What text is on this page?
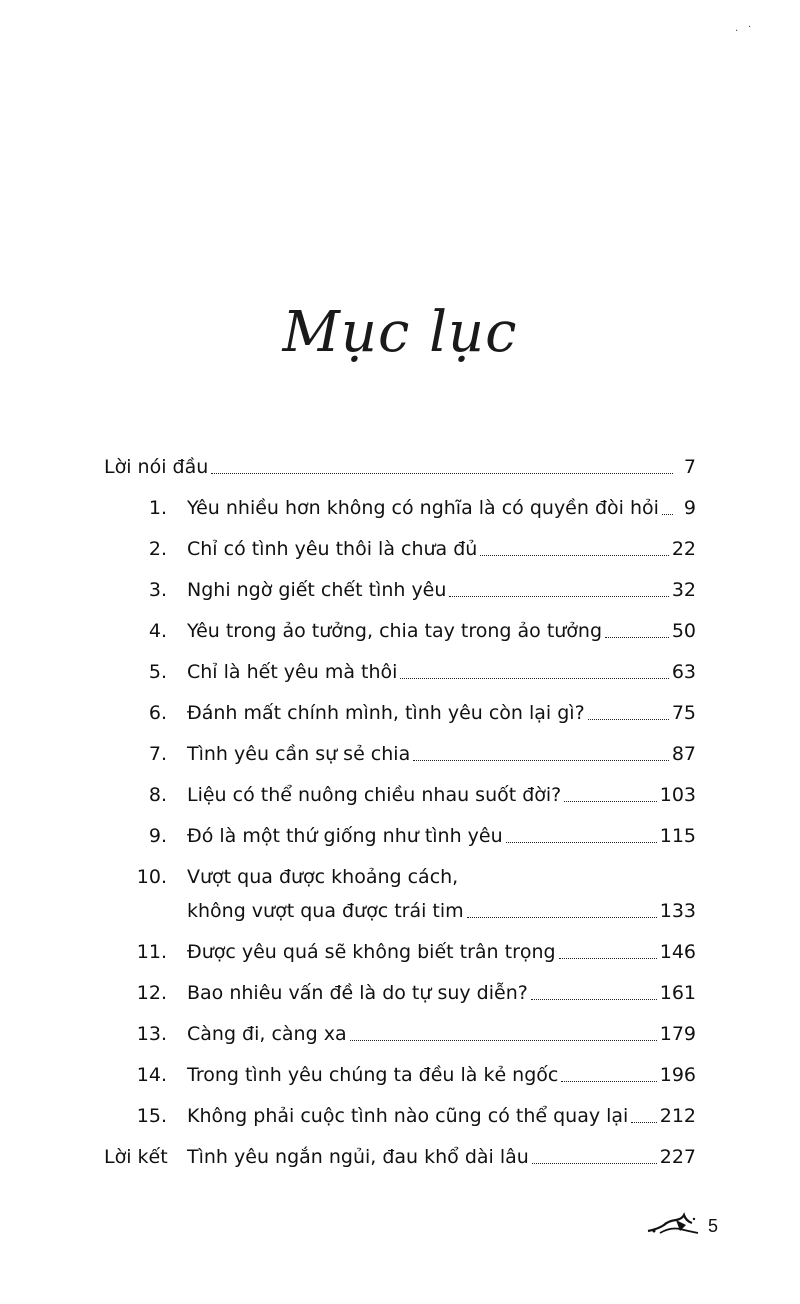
Mục lục
Lời nói đầu	7
1.	Yêu nhiều hơn không có nghĩa là có quyền đòi hỏi	9
2.	Chỉ có tình yêu thôi là chưa đủ	22
3.	Nghi ngờ giết chết tình yêu	32
4.	Yêu trong ảo tưởng, chia tay trong ảo tưởng	50
5.	Chỉ là hết yêu mà thôi	63
6.	Đánh mất chính mình, tình yêu còn lại gì?	75
7.	Tình yêu cần sự sẻ chia	87
8.	Liệu có thể nuông chiều nhau suốt đời?	103
9.	Đó là một thứ giống như tình yêu	115
10.	Vượt qua được khoảng cách,
không vượt qua được trái tim	133
11.	Được yêu quá sẽ không biết trân trọng	146
12.	Bao nhiêu vấn đề là do tự suy diễn?	161
13.	Càng đi, càng xa	179
14.	Trong tình yêu chúng ta đều là kẻ ngốc	196
15.	Không phải cuộc tình nào cũng có thể quay lại 212
Lời kết	Tình yêu ngắn ngủi, đau khổ dài lâu	227
5
· ·
